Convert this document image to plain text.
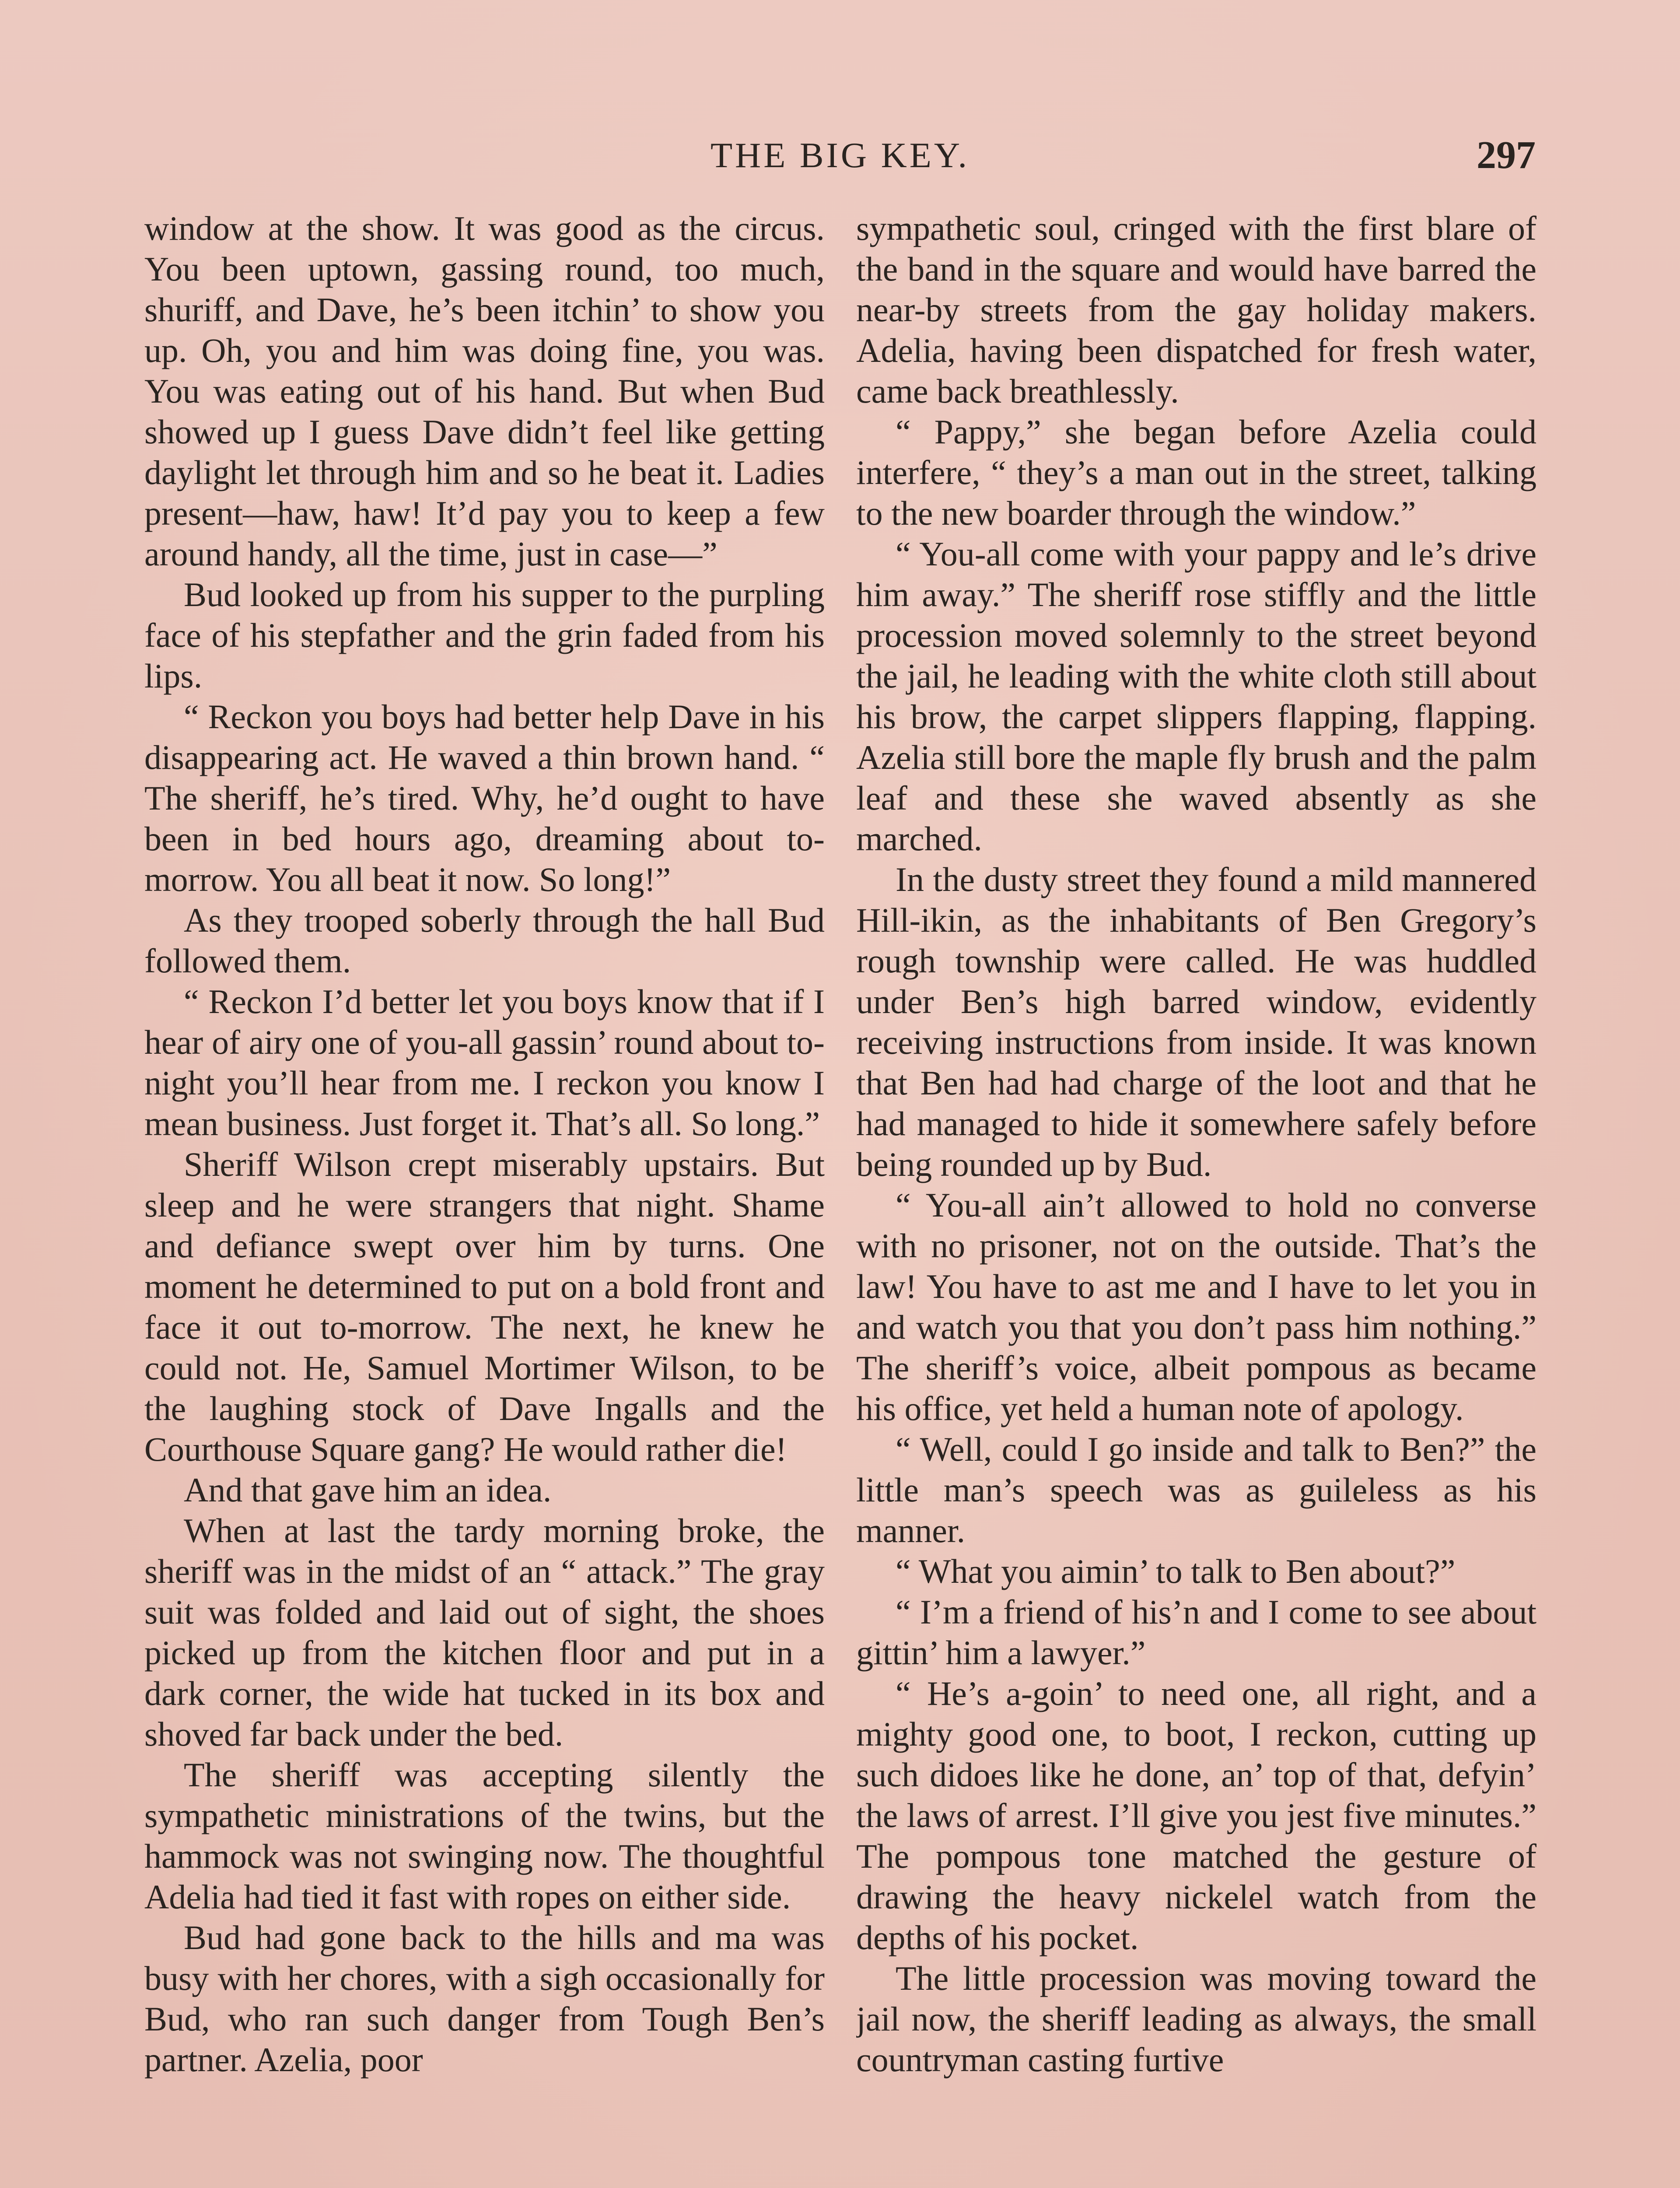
THE BIG KEY.	297

window at the show. It was good as the circus. You been uptown, gassing round, too much, shuriff, and Dave, he’s been itchin’ to show you up. Oh, you and him was doing fine, you was. You was eating out of his hand. But when Bud showed up I guess Dave didn’t feel like getting daylight let through him and so he beat it. Ladies present—haw, haw! It’d pay you to keep a few around handy, all the time, just in case—”

Bud looked up from his supper to the purpling face of his stepfather and the grin faded from his lips.

“ Reckon you boys had better help Dave in his disappearing act. He waved a thin brown hand. “ The sheriff, he’s tired. Why, he’d ought to have been in bed hours ago, dreaming about to-morrow. You all beat it now. So long!”

As they trooped soberly through the hall Bud followed them.

“ Reckon I’d better let you boys know that if I hear of airy one of you-all gassin’ round about to-night you’ll hear from me. I reckon you know I mean business. Just forget it. That’s all. So long.”

Sheriff Wilson crept miserably upstairs. But sleep and he were strangers that night. Shame and defiance swept over him by turns. One moment he determined to put on a bold front and face it out to-morrow. The next, he knew he could not. He, Samuel Mortimer Wilson, to be the laughing stock of Dave Ingalls and the Courthouse Square gang? He would rather die!

And that gave him an idea.

When at last the tardy morning broke, the sheriff was in the midst of an “ attack.” The gray suit was folded and laid out of sight, the shoes picked up from the kitchen floor and put in a dark corner, the wide hat tucked in its box and shoved far back under the bed.

The sheriff was accepting silently the sympathetic ministrations of the twins, but the hammock was not swinging now. The thoughtful Adelia had tied it fast with ropes on either side.

Bud had gone back to the hills and ma was busy with her chores, with a sigh occasionally for Bud, who ran such danger from Tough Ben’s partner. Azelia, poor

sympathetic soul, cringed with the first blare of the band in the square and would have barred the near-by streets from the gay holiday makers. Adelia, having been dispatched for fresh water, came back breathlessly.

“ Pappy,” she began before Azelia could interfere, “ they’s a man out in the street, talking to the new boarder through the window.”

“ You-all come with your pappy and le’s drive him away.” The sheriff rose stiffly and the little procession moved solemnly to the street beyond the jail, he leading with the white cloth still about his brow, the carpet slippers flapping, flapping. Azelia still bore the maple fly brush and the palm leaf and these she waved absently as she marched.

In the dusty street they found a mild mannered Hill-ikin, as the inhabitants of Ben Gregory’s rough township were called. He was huddled under Ben’s high barred window, evidently receiving instructions from inside. It was known that Ben had had charge of the loot and that he had managed to hide it somewhere safely before being rounded up by Bud.

“ You-all ain’t allowed to hold no converse with no prisoner, not on the outside. That’s the law! You have to ast me and I have to let you in and watch you that you don’t pass him nothing.” The sheriff’s voice, albeit pompous as became his office, yet held a human note of apology.

“ Well, could I go inside and talk to Ben?” the little man’s speech was as guileless as his manner.

“ What you aimin’ to talk to Ben about?”

“ I’m a friend of his’n and I come to see about gittin’ him a lawyer.”

“ He’s a-goin’ to need one, all right, and a mighty good one, to boot, I reckon, cutting up such didoes like he done, an’ top of that, defyin’ the laws of arrest. I’ll give you jest five minutes.” The pompous tone matched the gesture of drawing the heavy nickelel watch from the depths of his pocket.

The little procession was moving toward the jail now, the sheriff leading as always, the small countryman casting furtive
